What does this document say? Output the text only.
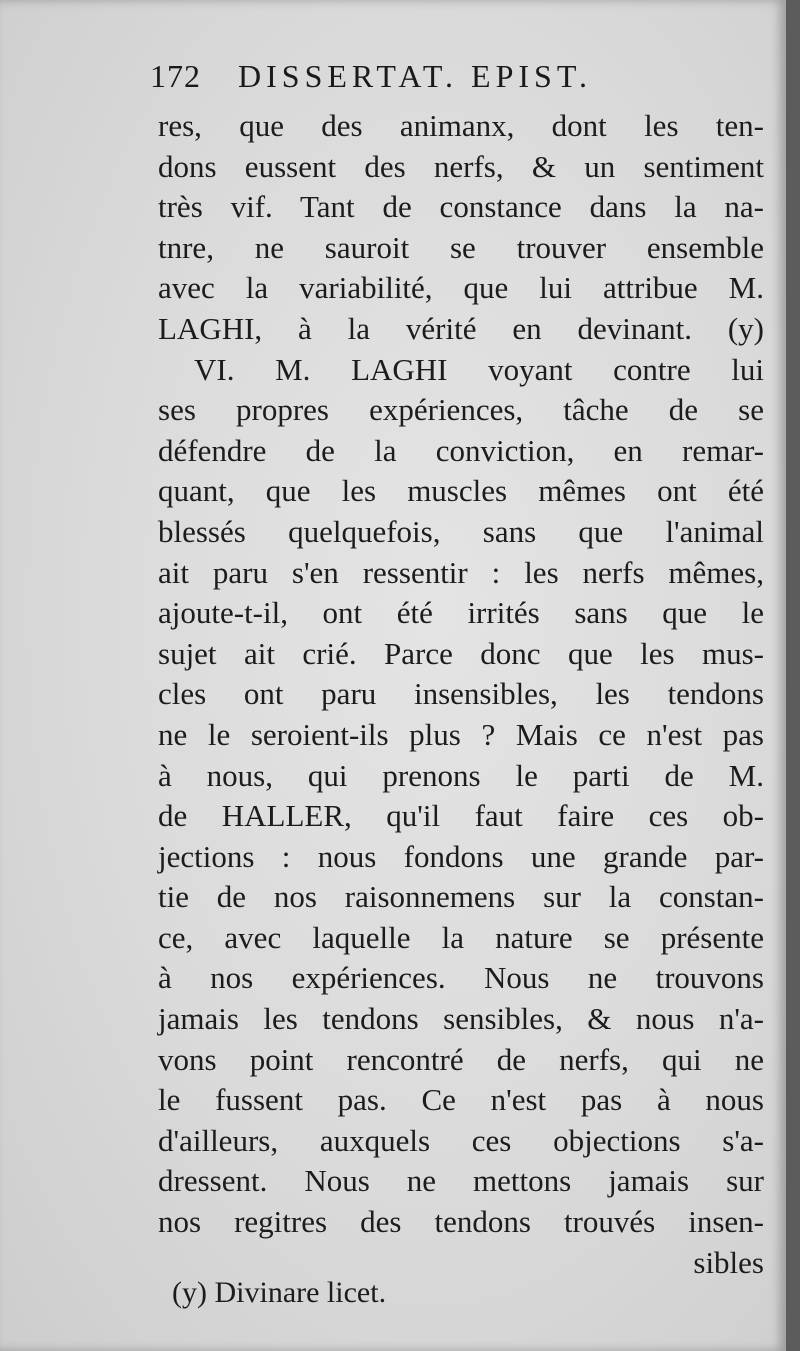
172 DISSERTAT. EPIST.
res, que des animanx, dont les ten-
dons eussent des nerfs, & un sentiment
très vif. Tant de constance dans la na-
tnre, ne sauroit se trouver ensemble
avec la variabilité, que lui attribue M.
LAGHI, à la vérité en devinant. (y)
VI. M. LAGHI voyant contre lui
ses propres expériences, tâche de se
défendre de la conviction, en remar-
quant, que les muscles mêmes ont été
blessés quelquefois, sans que l'animal
ait paru s'en ressentir : les nerfs mêmes,
ajoute-t-il, ont été irrités sans que le
sujet ait crié. Parce donc que les mus-
cles ont paru insensibles, les tendons
ne le seroient-ils plus ? Mais ce n'est pas
à nous, qui prenons le parti de M.
de HALLER, qu'il faut faire ces ob-
jections : nous fondons une grande par-
tie de nos raisonnemens sur la constan-
ce, avec laquelle la nature se présente
à nos expériences. Nous ne trouvons
jamais les tendons sensibles, & nous n'a-
vons point rencontré de nerfs, qui ne
le fussent pas. Ce n'est pas à nous
d'ailleurs, auxquels ces objections s'a-
dressent. Nous ne mettons jamais sur
nos regitres des tendons trouvés insen-
sibles
(y) Divinare licet.
